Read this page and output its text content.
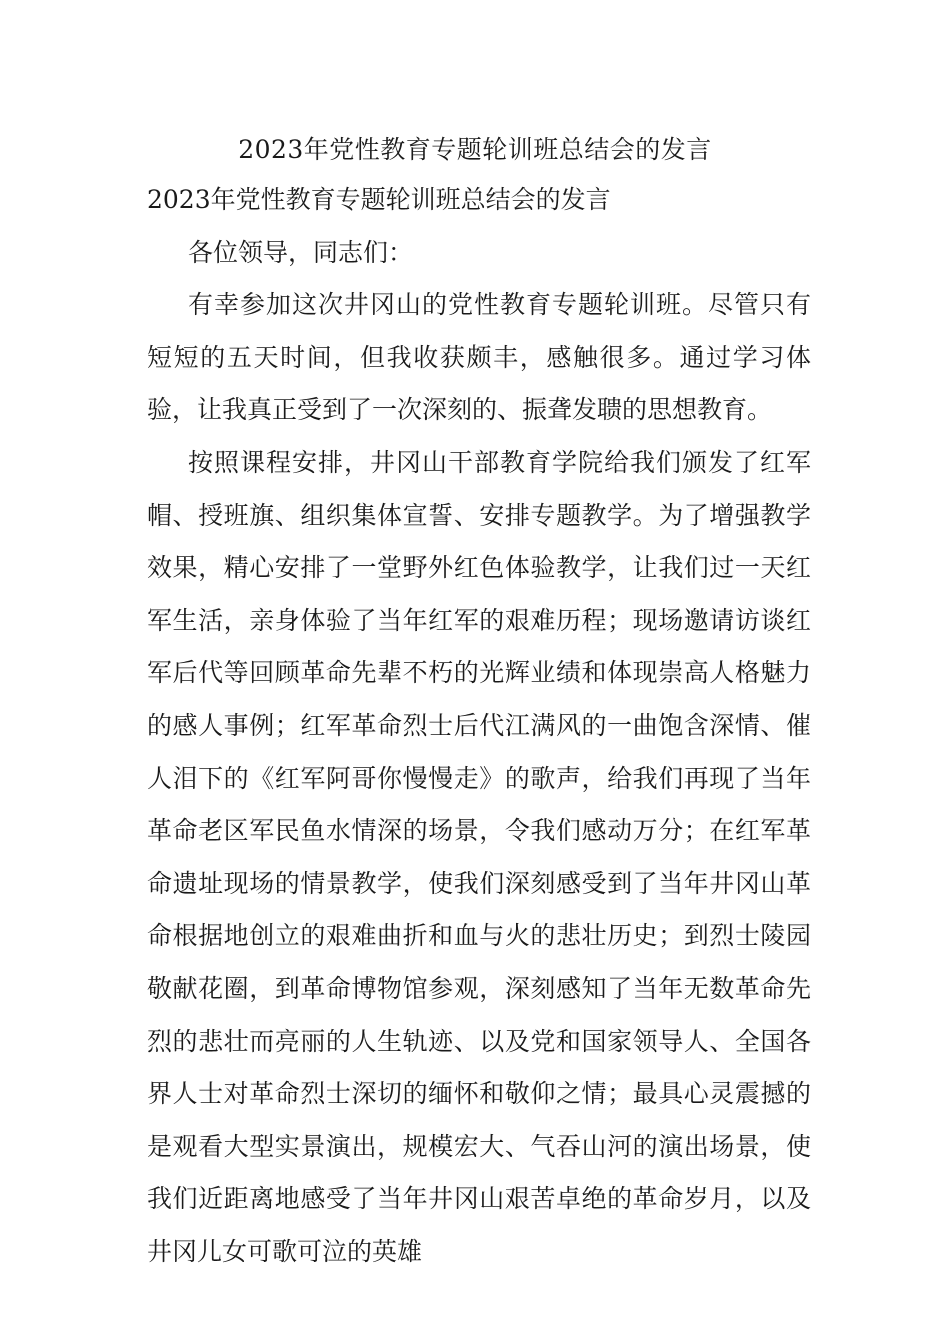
2023年党性教育专题轮训班总结会的发言

2023年党性教育专题轮训班总结会的发言

各位领导，同志们：

有幸参加这次井冈山的党性教育专题轮训班。尽管只有短短的五天时间，但我收获颇丰，感触很多。通过学习体验，让我真正受到了一次深刻的、振聋发聩的思想教育。

按照课程安排，井冈山干部教育学院给我们颁发了红军帽、授班旗、组织集体宣誓、安排专题教学。为了增强教学效果，精心安排了一堂野外红色体验教学，让我们过一天红军生活，亲身体验了当年红军的艰难历程；现场邀请访谈红军后代等回顾革命先辈不朽的光辉业绩和体现崇高人格魅力的感人事例；红军革命烈士后代江满风的一曲饱含深情、催人泪下的《红军阿哥你慢慢走》的歌声，给我们再现了当年革命老区军民鱼水情深的场景，令我们感动万分；在红军革命遗址现场的情景教学，使我们深刻感受到了当年井冈山革命根据地创立的艰难曲折和血与火的悲壮历史；到烈士陵园敬献花圈，到革命博物馆参观，深刻感知了当年无数革命先烈的悲壮而亮丽的人生轨迹、以及党和国家领导人、全国各界人士对革命烈士深切的缅怀和敬仰之情；最具心灵震撼的是观看大型实景演出，规模宏大、气吞山河的演出场景，使我们近距离地感受了当年井冈山艰苦卓绝的革命岁月，以及井冈儿女可歌可泣的英雄
